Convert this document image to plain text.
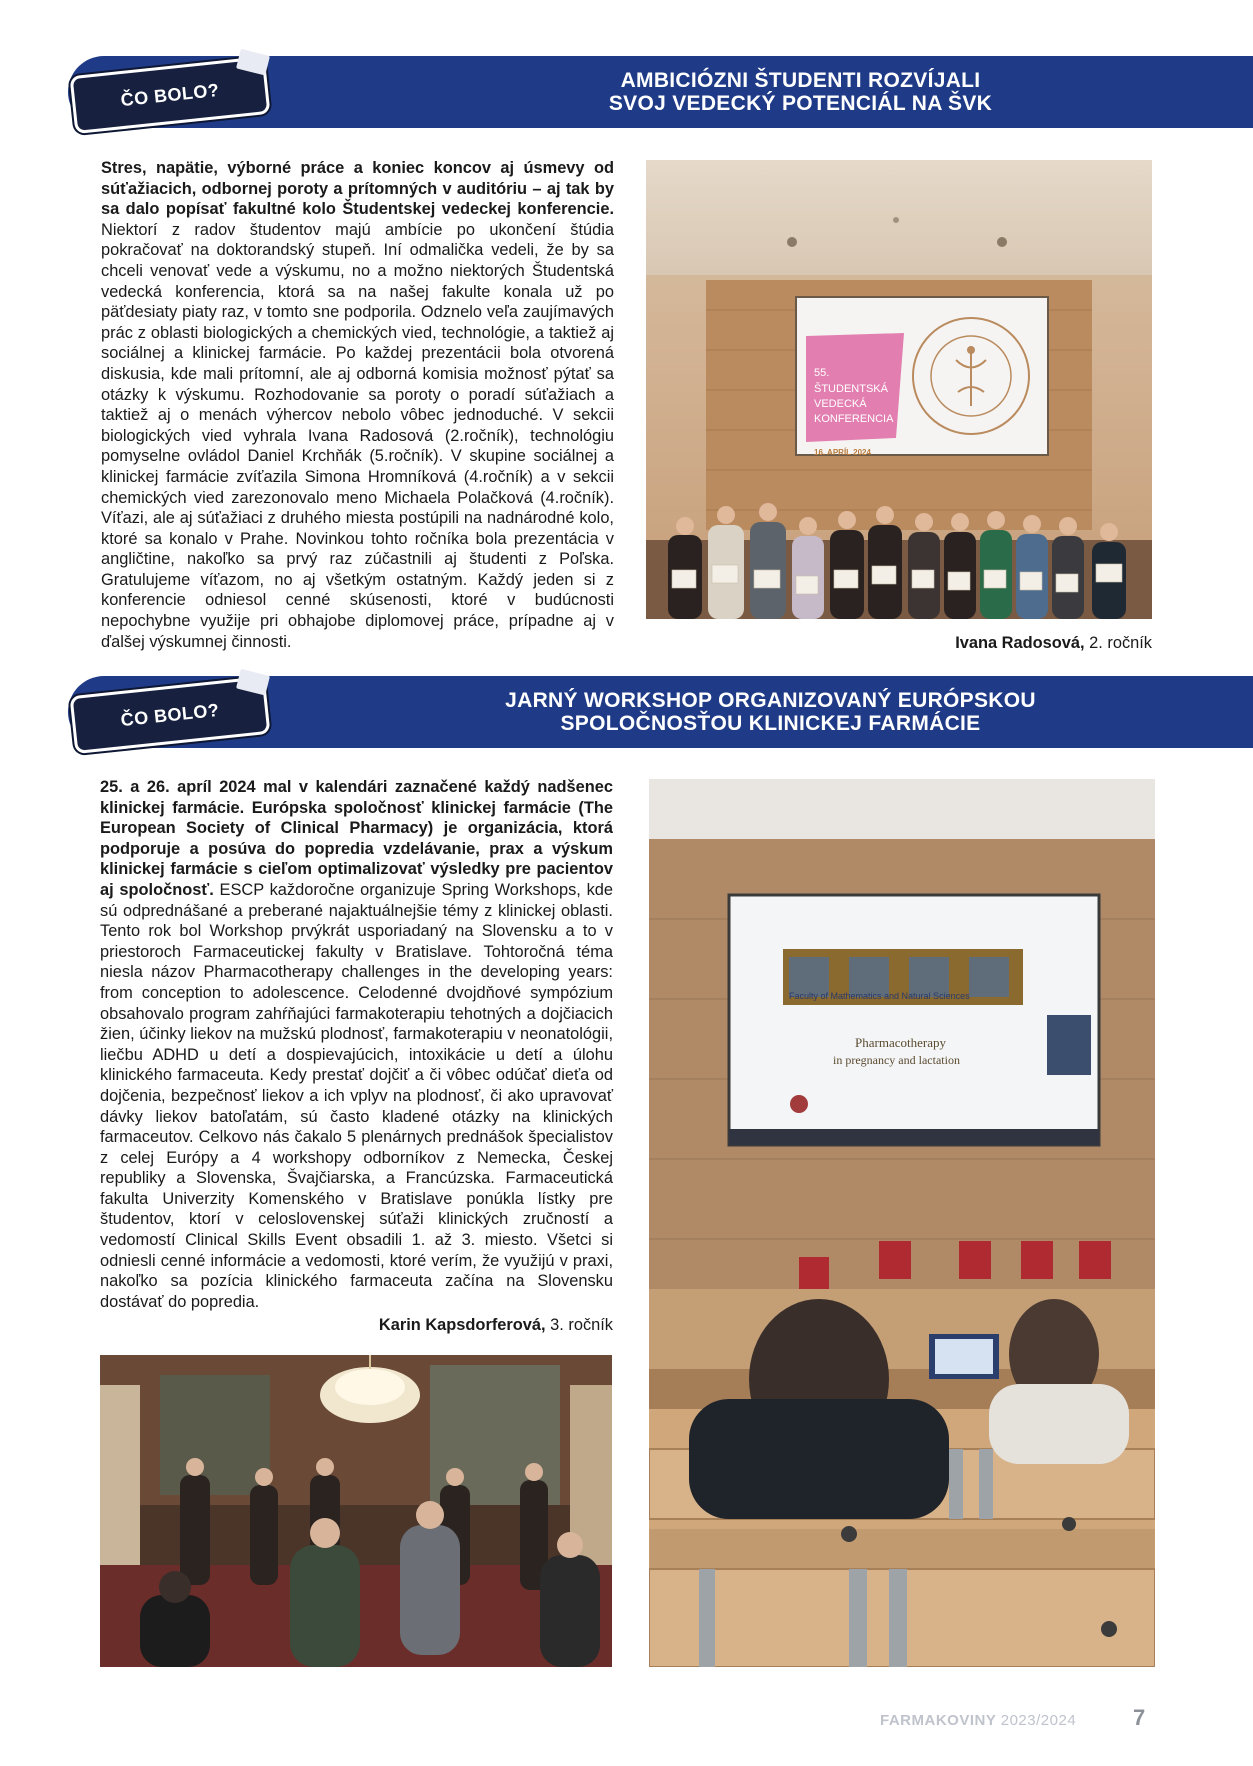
AMBICIÓZNI ŠTUDENTI ROZVÍJALI
SVOJ VEDECKÝ POTENCIÁL NA ŠVK
ČO BOLO?
Stres, napätie, výborné práce a koniec koncov aj úsmevy od súťažiacich, odbornej poroty a prítomných v auditóriu – aj tak by sa dalo popísať fakultné kolo Študentskej vedeckej konferencie. Niektorí z radov študentov majú ambície po ukončení štúdia pokračovať na doktorandský stupeň. Iní odmalička vedeli, že by sa chceli venovať vede a výskumu, no a možno niektorých Študentská vedecká konferencia, ktorá sa na našej fakulte konala už po päťdesiaty piaty raz, v tomto sne podporila. Odznelo veľa zaujímavých prác z oblasti biologických a chemických vied, technológie, a taktiež aj sociálnej a klinickej farmácie. Po každej prezentácii bola otvorená diskusia, kde mali prítomní, ale aj odborná komisia možnosť pýtať sa otázky k výskumu. Rozhodovanie sa poroty o poradí súťažiach a taktiež aj o menách výhercov nebolo vôbec jednoduché. V sekcii biologických vied vyhrala Ivana Radosová (2.ročník), technológiu pomyselne ovládol Daniel Krchňák (5.ročník). V skupine sociálnej a klinickej farmácie zvíťazila Simona Hromníková (4.ročník) a v sekcii chemických vied zarezonovalo meno Michaela Polačková (4.ročník). Víťazi, ale aj súťažiaci z druhého miesta postúpili na nadnárodné kolo, ktoré sa konalo v Prahe. Novinkou tohto ročníka bola prezentácia v angličtine, nakoľko sa prvý raz zúčastnili aj študenti z Poľska. Gratulujeme víťazom, no aj všetkým ostatným. Každý jeden si z konferencie odniesol cenné skúsenosti, ktoré v budúcnosti nepochybne využije pri obhajobe diplomovej práce, prípadne aj v ďalšej výskumnej činnosti.
55.
ŠTUDENTSKÁ
VEDECKÁ
KONFERENCIA
16. APRÍL 2024
Ivana Radosová, 2. ročník
JARNÝ WORKSHOP ORGANIZOVANÝ EURÓPSKOU
SPOLOČNOSŤOU KLINICKEJ FARMÁCIE
ČO BOLO?
25. a 26. apríl 2024 mal v kalendári zaznačené každý nadšenec klinickej farmácie. Európska spoločnosť klinickej farmácie (The European Society of Clinical Pharmacy) je organizácia, ktorá podporuje a posúva do popredia vzdelávanie, prax a výskum klinickej farmácie s cieľom optimalizovať výsledky pre pacientov aj spoločnosť. ESCP každoročne organizuje Spring Workshops, kde sú odprednášané a preberané najaktuálnejšie témy z klinickej oblasti. Tento rok bol Workshop prvýkrát usporiadaný na Slovensku a to v priestoroch Farmaceutickej fakulty v Bratislave. Tohtoročná téma niesla názov Pharmacotherapy challenges in the developing years: from conception to adolescence. Celodenné dvojdňové sympózium obsahovalo program zahŕňajúci farmakoterapiu tehotných a dojčiacich žien, účinky liekov na mužskú plodnosť, farmakoterapiu v neonatológii, liečbu ADHD u detí a dospievajúcich, intoxikácie u detí a úlohu klinického farmaceuta. Kedy prestať dojčiť a či vôbec odúčať dieťa od dojčenia, bezpečnosť liekov a ich vplyv na plodnosť, či ako upravovať dávky liekov batoľatám, sú často kladené otázky na klinických farmaceutov. Celkovo nás čakalo 5 plenárnych prednášok špecialistov z celej Európy a 4 workshopy odborníkov z Nemecka, Českej republiky a Slovenska, Švajčiarska, a Francúzska. Farmaceutická fakulta Univerzity Komenského v Bratislave ponúkla lístky pre študentov, ktorí v celoslovenskej súťaži klinických zručností a vedomostí Clinical Skills Event obsadili 1. až 3. miesto. Všetci si odniesli cenné informácie a vedomosti, ktoré verím, že využijú v praxi, nakoľko sa pozícia klinického farmaceuta začína na Slovensku dostávať do popredia.
Karin Kapsdorferová, 3. ročník
Faculty of Mathematics and Natural Sciences
Pharmacotherapy
in pregnancy and lactation
FARMAKOVINY 2023/2024	7
